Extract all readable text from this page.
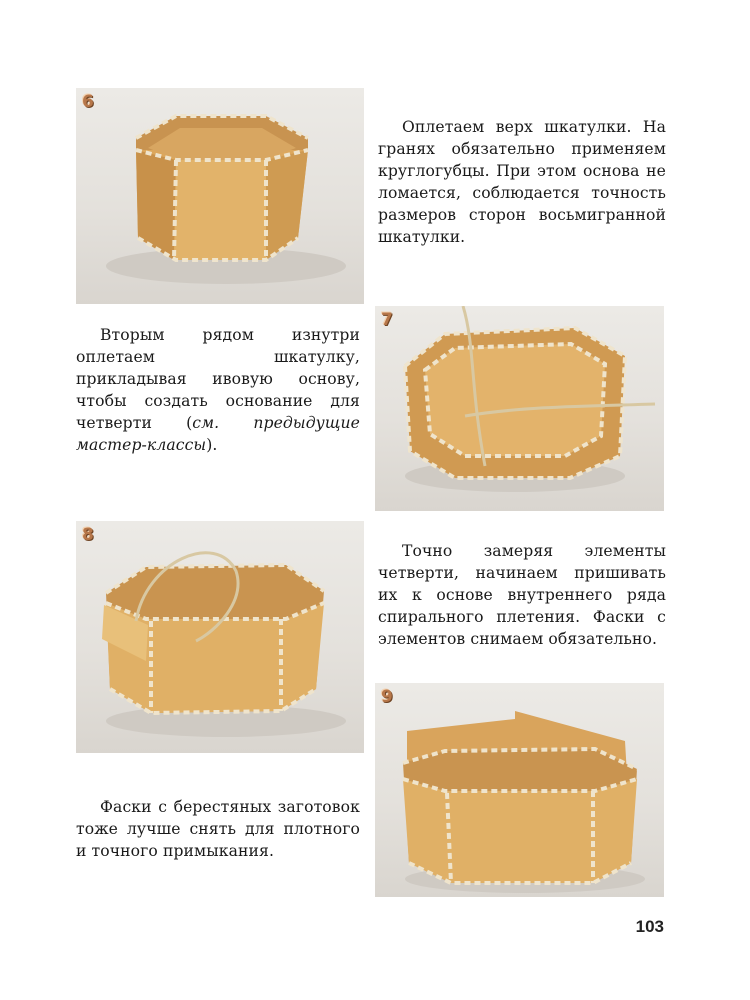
6
Оплетаем верх шкатулки. На гранях обязательно применяем круглогубцы. При этом основа не ломается, соблюдается точность размеров сторон восьмигранной шкатулки.
Вторым рядом изнутри оплетаем шкатулку, прикладывая ивовую основу, чтобы создать основание для четверти (см. предыдущие мастер-классы).
7
8
Точно замеряя элементы четверти, начинаем пришивать их к основе внутреннего ряда спирального плетения. Фаски с элементов снимаем обязательно.
9
Фаски с берестяных заготовок тоже лучше снять для плотного и точного примыкания.
103
